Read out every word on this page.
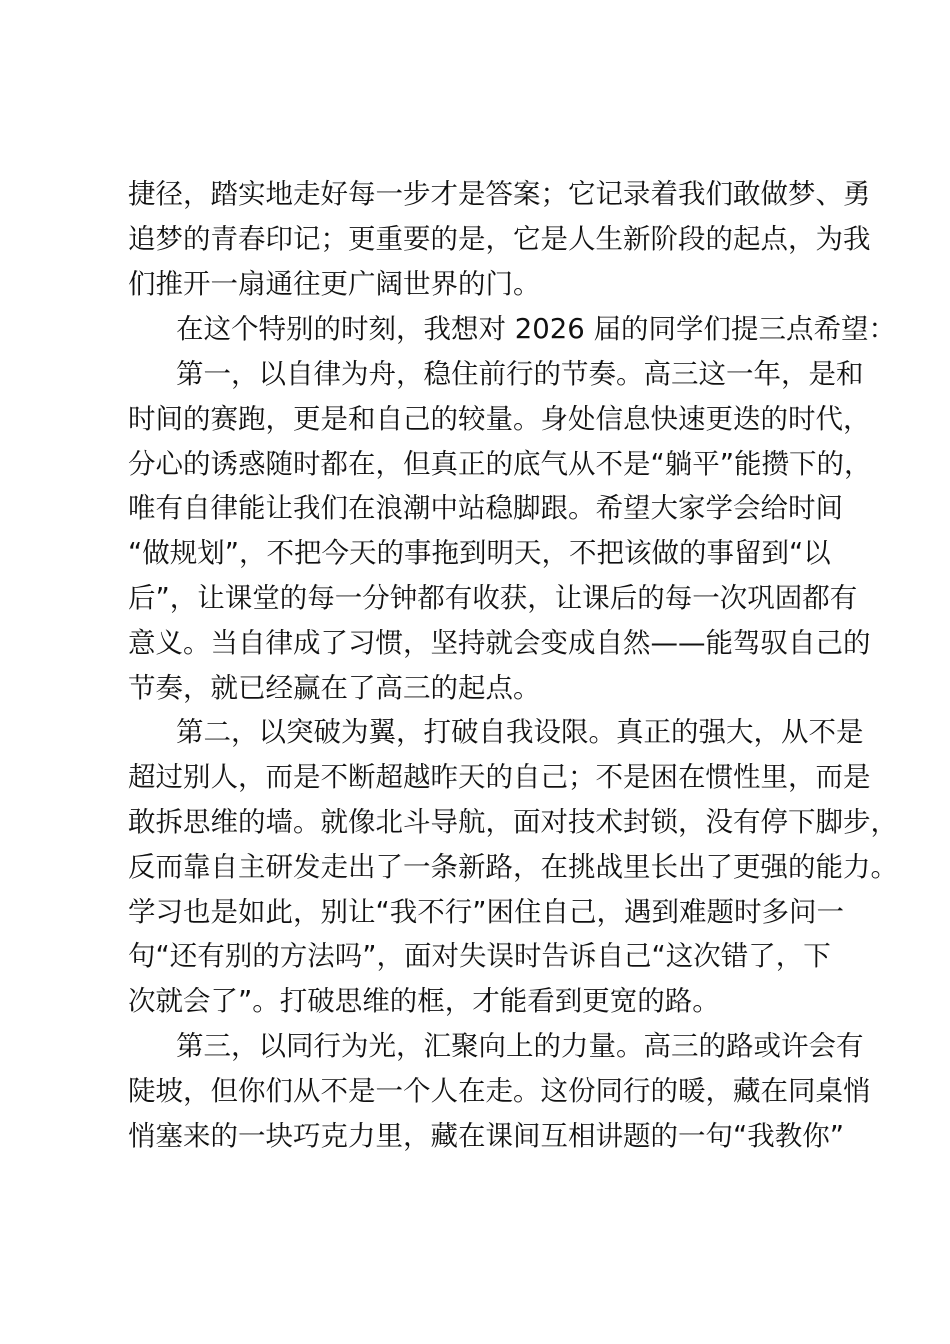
捷径，踏实地走好每一步才是答案；它记录着我们敢做梦、勇
追梦的青春印记；更重要的是，它是人生新阶段的起点，为我
们推开一扇通往更广阔世界的门。
在这个特别的时刻，我想对 2026 届的同学们提三点希望：
第一，以自律为舟，稳住前行的节奏。高三这一年，是和
时间的赛跑，更是和自己的较量。身处信息快速更迭的时代，
分心的诱惑随时都在，但真正的底气从不是“躺平”能攒下的，
唯有自律能让我们在浪潮中站稳脚跟。希望大家学会给时间
“做规划”，不把今天的事拖到明天，不把该做的事留到“以
后”，让课堂的每一分钟都有收获，让课后的每一次巩固都有
意义。当自律成了习惯，坚持就会变成自然——能驾驭自己的
节奏，就已经赢在了高三的起点。
第二，以突破为翼，打破自我设限。真正的强大，从不是
超过别人，而是不断超越昨天的自己；不是困在惯性里，而是
敢拆思维的墙。就像北斗导航，面对技术封锁，没有停下脚步，
反而靠自主研发走出了一条新路，在挑战里长出了更强的能力。
学习也是如此，别让“我不行”困住自己，遇到难题时多问一
句“还有别的方法吗”，面对失误时告诉自己“这次错了，下
次就会了”。打破思维的框，才能看到更宽的路。
第三，以同行为光，汇聚向上的力量。高三的路或许会有
陡坡，但你们从不是一个人在走。这份同行的暖，藏在同桌悄
悄塞来的一块巧克力里，藏在课间互相讲题的一句“我教你”
